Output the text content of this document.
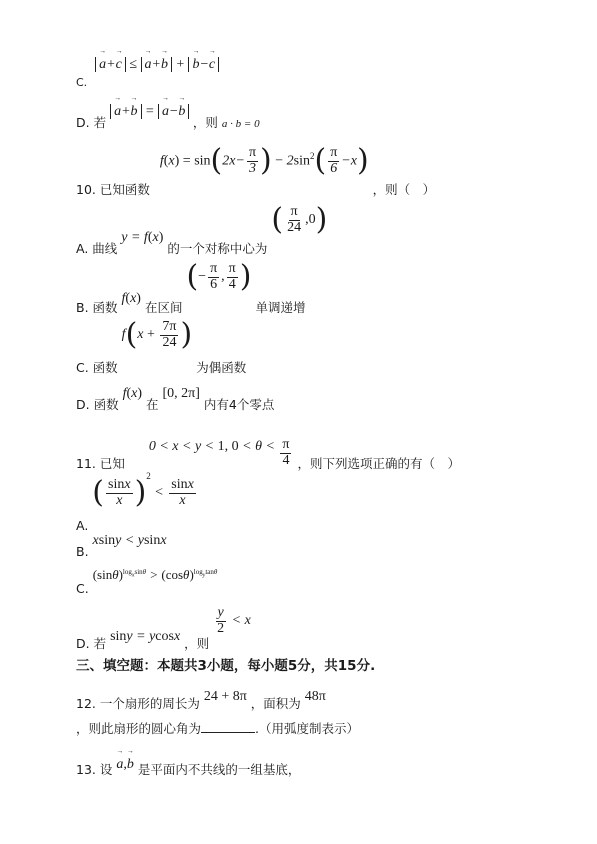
C. → a+→ c ≤ → a+→ b + → b−→ c
D. 若 → a+→ b = → a−→ b ，则 a · b = 0
10. 已知函数 $f(x) = \sin(2x- \frac{\pi}{3}$ ) − $2\sin^2( \frac{\pi}{6} -x)$ ，则（　）
A. 曲线 y = f(x) 的一个对称中心为 ( $\frac{\pi}{24} ,0$)
B. 函数 f(x) 在区间 (− $\frac{\pi}{6}$ , $\frac{\pi}{4}$ ) 单调递增
C. 函数 $f(x + \frac{7\pi}{24}$ ) 为偶函数
D. 函数 f(x) 在 [0, 2π] 内有4个零点
11. 已知 0 < x < y < 1, $0 < \theta < \frac{\pi}{4}$ ，则下列选项正确的有（　）
A. ( $\frac{\sin x}{x} )^2 < \frac{\sin x}{x}$
B. xsiny < ysinx
C. $(\sin\theta)^{log_xsin\theta} > (\cos\theta)^{log_ytan\theta}$
D. 若 siny = ycosx ，则
$\frac{y}{2} < x$
三、填空题：本题共3小题，每小题5分，共15分.
12. 一个扇形的周长为 24 + 8π ，面积为 48π
，则此扇形的圆心角为	.（用弧度制表示）
13. 设 → a,→ b 是平面内不共线的一组基底，
